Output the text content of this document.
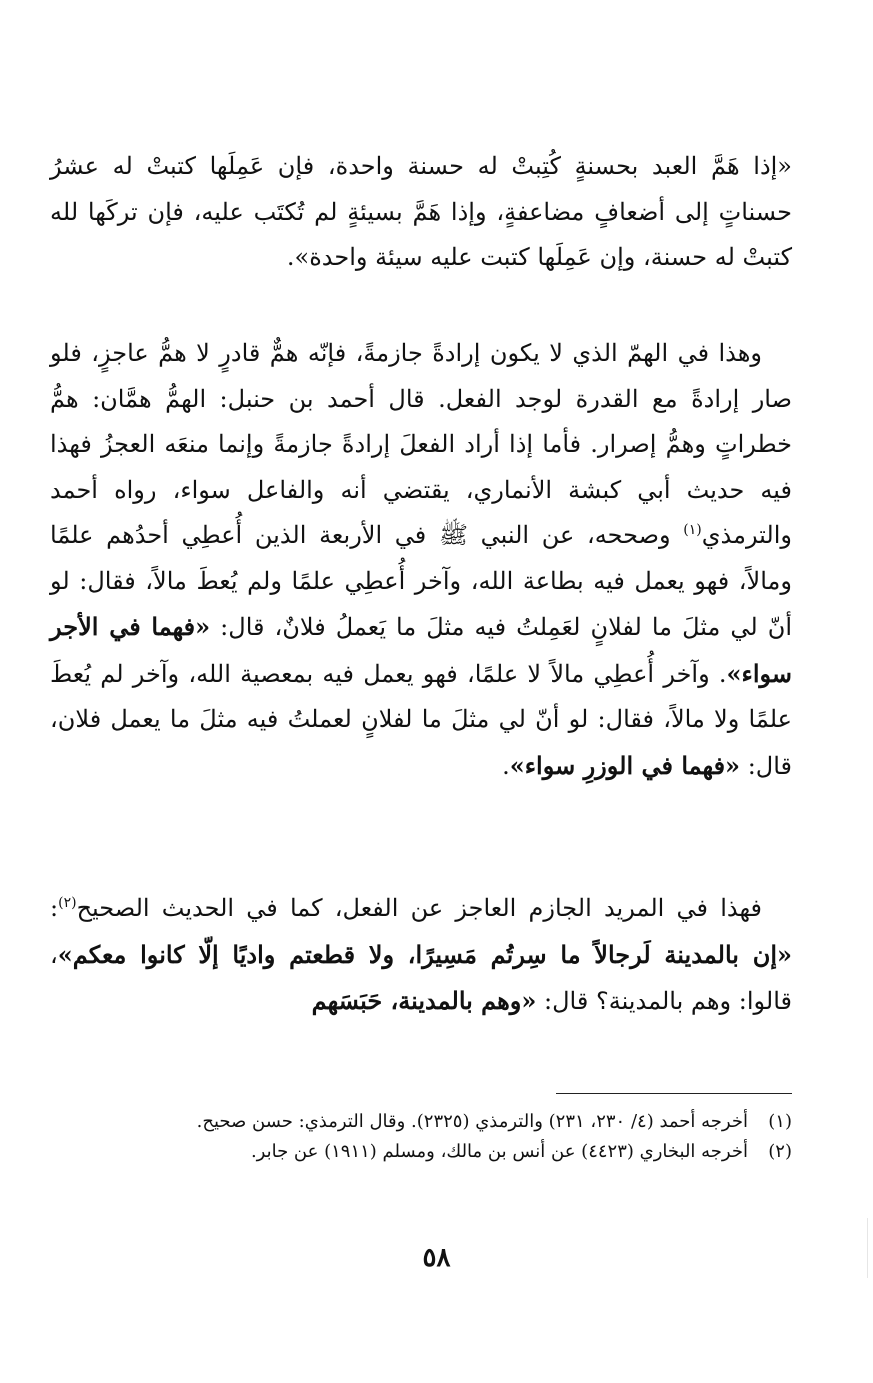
«إذا هَمَّ العبد بحسنةٍ كُتِبتْ له حسنة واحدة، فإن عَمِلَها كتبتْ له عشرُ حسناتٍ إلى أضعافٍ مضاعفةٍ، وإذا هَمَّ بسيئةٍ لم تُكتَب عليه، فإن تركَها لله كتبتْ له حسنة، وإن عَمِلَها كتبت عليه سيئة واحدة».

وهذا في الهمّ الذي لا يكون إرادةً جازمةً، فإنّه همٌّ قادرٍ لا همُّ عاجزٍ، فلو صار إرادةً مع القدرة لوجد الفعل. قال أحمد بن حنبل: الهمُّ همَّان: همُّ خطراتٍ وهمُّ إصرار. فأما إذا أراد الفعلَ إرادةً جازمةً وإنما منعَه العجزُ فهذا فيه حديث أبي كبشة الأنماري، يقتضي أنه والفاعل سواء، رواه أحمد والترمذي$^{(١)}$ وصححه، عن النبي ﷺ في الأربعة الذين أُعطِي أحدُهم علمًا ومالاً، فهو يعمل فيه بطاعة الله، وآخر أُعطِي علمًا ولم يُعطَ مالاً، فقال: لو أنّ لي مثلَ ما لفلانٍ لعَمِلتُ فيه مثلَ ما يَعملُ فلانٌ، قال: «فهما في الأجر سواء». وآخر أُعطِي مالاً لا علمًا، فهو يعمل فيه بمعصية الله، وآخر لم يُعطَ علمًا ولا مالاً، فقال: لو أنّ لي مثلَ ما لفلانٍ لعملتُ فيه مثلَ ما يعمل فلان، قال: «فهما في الوزرِ سواء».

فهذا في المريد الجازم العاجز عن الفعل، كما في الحديث الصحيح$^{(٢)}$: «إن بالمدينة لَرجالاً ما سِرتُم مَسِيرًا، ولا قطعتم واديًا إلّا كانوا معكم»، قالوا: وهم بالمدينة؟ قال: «وهم بالمدينة، حَبَسَهم

(١)
أخرجه أحمد (٤/ ٢٣٠، ٢٣١) والترمذي (٢٣٢٥). وقال الترمذي: حسن صحيح.
(٢)
أخرجه البخاري (٤٤٢٣) عن أنس بن مالك، ومسلم (١٩١١) عن جابر.
٥٨
